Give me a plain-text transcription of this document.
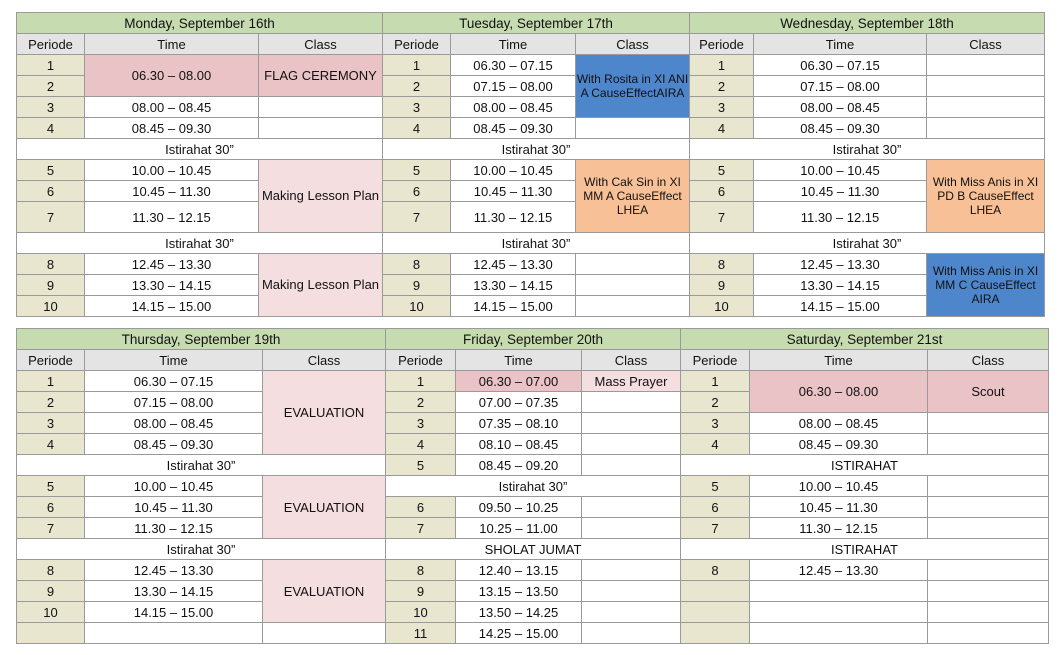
Monday, September 16th			Tuesday, September 17th			Wednesday, September 18th		
Periode	Time	Class	Periode	Time	Class	Periode	Time	Class
1	06.30 – 08.00	FLAG CEREMONY	1	06.30 – 07.15	With Rosita in XI ANI A CauseEffectAIRA	1	06.30 – 07.15	
2			2	07.15 – 08.00		2	07.15 – 08.00	
3	08.00 – 08.45		3	08.00 – 08.45		3	08.00 – 08.45	
4	08.45 – 09.30		4	08.45 – 09.30		4	08.45 – 09.30	
Istirahat 30”			Istirahat 30”			Istirahat 30”		
5	10.00 – 10.45	Making Lesson Plan	5	10.00 – 10.45	With Cak Sin in XI MM A CauseEffect LHEA	5	10.00 – 10.45	With Miss Anis in XI PD B CauseEffect LHEA
6	10.45 – 11.30		6	10.45 – 11.30		6	10.45 – 11.30	
7	11.30 – 12.15		7	11.30 – 12.15		7	11.30 – 12.15	
Istirahat 30”			Istirahat 30”			Istirahat 30”		
8	12.45 – 13.30	Making Lesson Plan	8	12.45 – 13.30		8	12.45 – 13.30	With Miss Anis in XI MM C CauseEffect AIRA
9	13.30 – 14.15		9	13.30 – 14.15		9	13.30 – 14.15	
10	14.15 – 15.00		10	14.15 – 15.00		10	14.15 – 15.00	
Thursday, September 19th			Friday, September 20th			Saturday, September 21st		
Periode	Time	Class	Periode	Time	Class	Periode	Time	Class
1	06.30 – 07.15	EVALUATION	1	06.30 – 07.00	Mass Prayer	1	06.30 – 08.00	Scout
2	07.15 – 08.00		2	07.00 – 07.35		2		
3	08.00 – 08.45		3	07.35 – 08.10		3	08.00 – 08.45	
4	08.45 – 09.30		4	08.10 – 08.45		4	08.45 – 09.30	
Istirahat 30”			5	08.45 – 09.20		ISTIRAHAT		
5	10.00 – 10.45	EVALUATION	Istirahat 30”			5	10.00 – 10.45	
6	10.45 – 11.30		6	09.50 – 10.25		6	10.45 – 11.30	
7	11.30 – 12.15		7	10.25 – 11.00		7	11.30 – 12.15	
Istirahat 30”			SHOLAT JUMAT			ISTIRAHAT		
8	12.45 – 13.30	EVALUATION	8	12.40 – 13.15		8	12.45 – 13.30	
9	13.30 – 14.15		9	13.15 – 13.50				
10	14.15 – 15.00		10	13.50 – 14.25				
			11	14.25 – 15.00				
